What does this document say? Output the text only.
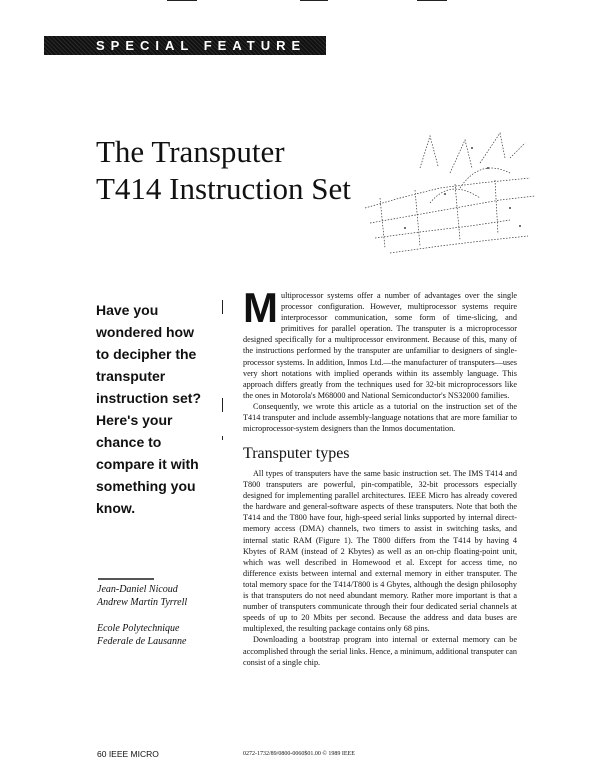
SPECIAL FEATURE
The Transputer
T414 Instruction Set

Have you wondered how to decipher the transputer instruction set? Here's your chance to compare it with something you know.

Jean-Daniel Nicoud
Andrew Martin Tyrrell
Ecole Polytechnique
Federale de Lausanne
M ultiprocessor systems offer a number of advantages over the single processor configuration. However, multiprocessor systems require interprocessor communication, some form of time-slicing, and primitives for parallel operation. The transputer is a microprocessor designed specifically for a multiprocessor environment. Because of this, many of the instructions performed by the transputer are unfamiliar to designers of single-processor systems. In addition, Inmos Ltd.—the manufacturer of transputers—uses very short notations with implied operands within its assembly language. This approach differs greatly from the techniques used for 32-bit microprocessors like the ones in Motorola's M68000 and National Semiconductor's NS32000 families.
Consequently, we wrote this article as a tutorial on the instruction set of the T414 transputer and include assembly-language notations that are more familiar to microprocessor-system designers than the Inmos documentation.
Transputer types
All types of transputers have the same basic instruction set. The IMS T414 and T800 transputers are powerful, pin-compatible, 32-bit processors especially designed for implementing parallel architectures. IEEE Micro has already covered the hardware and general-software aspects of these transputers. Note that both the T414 and the T800 have four, high-speed serial links supported by internal direct-memory access (DMA) channels, two timers to assist in switching tasks, and internal static RAM (Figure 1). The T800 differs from the T414 by having 4 Kbytes of RAM (instead of 2 Kbytes) as well as an on-chip floating-point unit, which was well described in Homewood et al. Except for access time, no difference exists between internal and external memory in either transputer. The total memory space for the T414/T800 is 4 Gbytes, although the design philosophy is that transputers do not need abundant memory. Rather more important is that a number of transputers communicate through their four dedicated serial channels at speeds of up to 20 Mbits per second. Because the address and data buses are multiplexed, the resulting package contains only 68 pins.
Downloading a bootstrap program into internal or external memory can be accomplished through the serial links. Hence, a minimum, additional transputer can consist of a single chip.
60 IEEE MICRO	0272-1732/89/0800-0060$01.00 © 1989 IEEE
